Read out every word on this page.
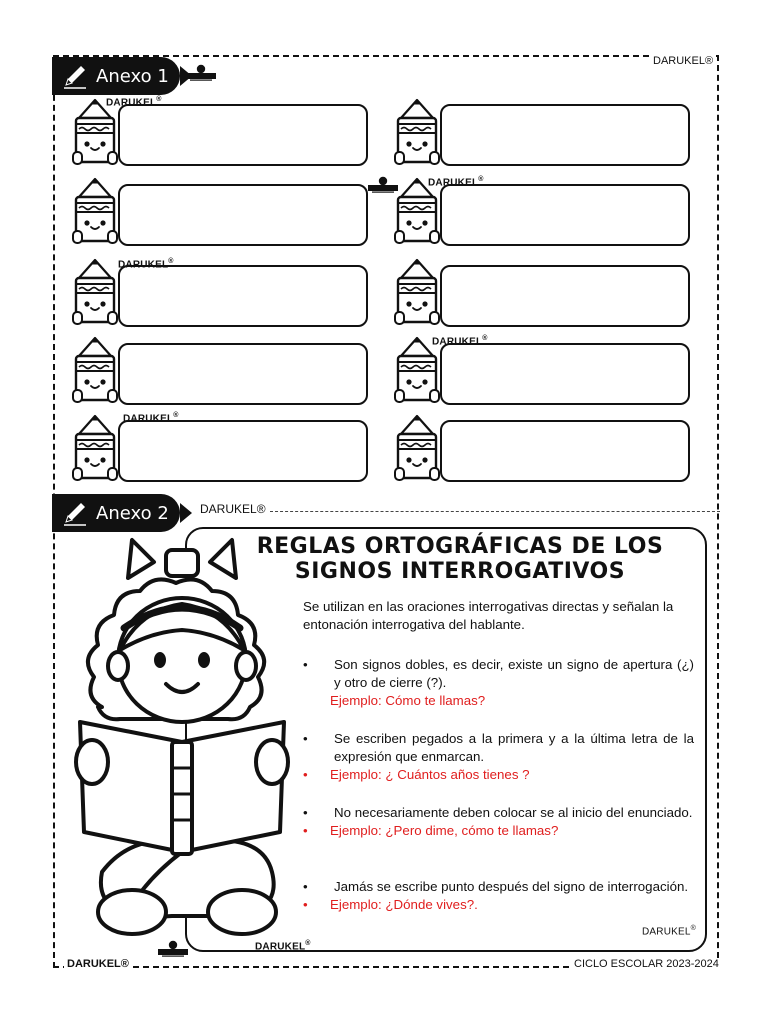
DARUKEL®
Anexo 1
DARUKEL®
DARUKEL®
DARUKEL®
DARUKEL®
DARUKEL®
Anexo 2	DARUKEL®
REGLAS ORTOGRÁFICAS DE LOS
SIGNOS INTERROGATIVOS
Se utilizan en las oraciones interrogativas directas y señalan la entonación interrogativa del hablante.
• Son signos dobles, es decir, existe un signo de apertura (¿) y otro de cierre (?).
Ejemplo: Cómo te llamas?
• Se escriben pegados a la primera y a la última letra de la expresión que enmarcan.
• Ejemplo: ¿ Cuántos años tienes ?
• No necesariamente deben colocar se al inicio del enunciado.
• Ejemplo: ¿Pero dime, cómo te llamas?
• Jamás se escribe punto después del signo de interrogación.
• Ejemplo: ¿Dónde vives?.
DARUKEL®
DARUKEL®
DARUKEL®	CICLO ESCOLAR 2023-2024
